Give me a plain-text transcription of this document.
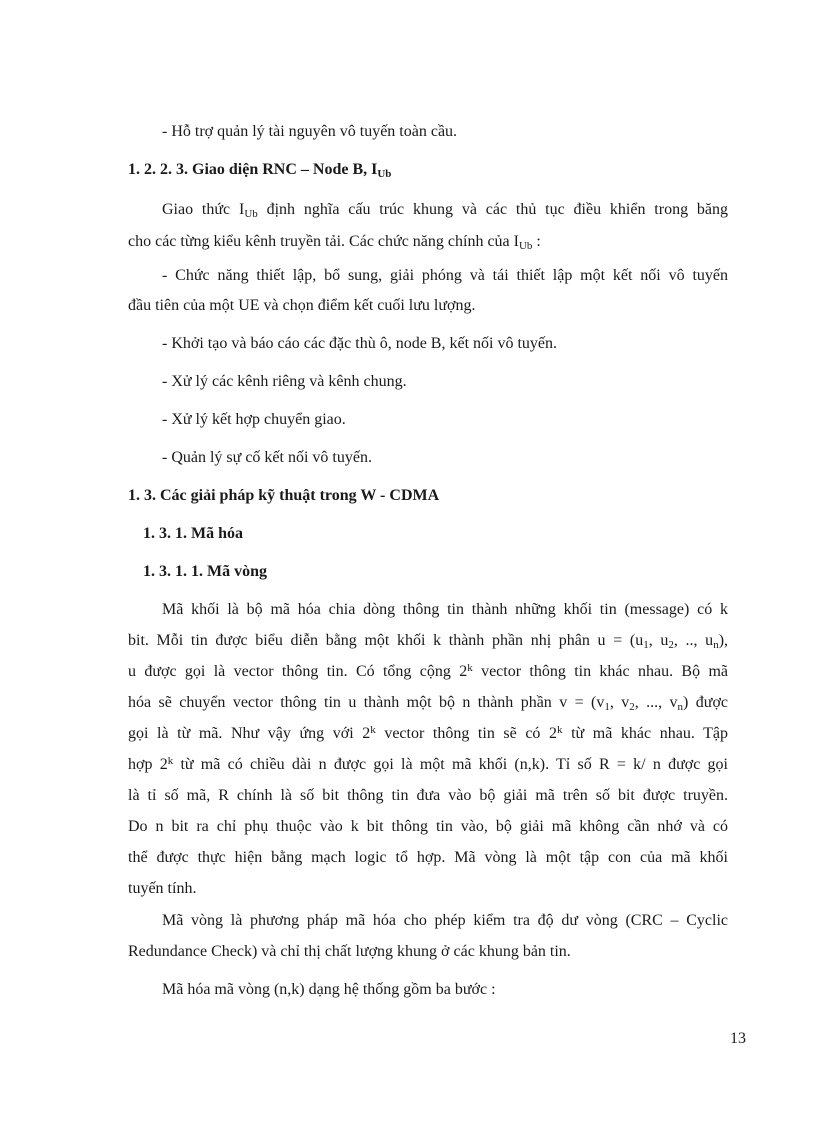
- Hỗ trợ quản lý tài nguyên vô tuyến toàn cầu.
1. 2. 2. 3. Giao diện RNC – Node B, $I_{Ub}$
Giao thức $I_{Ub}$ định nghĩa cấu trúc khung và các thủ tục điều khiển trong băng
cho các từng kiểu kênh truyền tải. Các chức năng chính của $I_{Ub}$ :
- Chức năng thiết lập, bổ sung, giải phóng và tái thiết lập một kết nối vô tuyến
đầu tiên của một UE và chọn điểm kết cuối lưu lượng.
- Khởi tạo và báo cáo các đặc thù ô, node B, kết nối vô tuyến.
- Xử lý các kênh riêng và kênh chung.
- Xử lý kết hợp chuyển giao.
- Quản lý sự cố kết nối vô tuyến.
1. 3. Các giải pháp kỹ thuật trong W - CDMA
1. 3. 1. Mã hóa
1. 3. 1. 1. Mã vòng
Mã khối là bộ mã hóa chia dòng thông tin thành những khối tin (message) có k
bit. Mỗi tin được biểu diễn bằng một khối k thành phần nhị phân $u = (u_1$, $u_2$, .., $u_n$),
u được gọi là vector thông tin. Có tổng cộng 2$^k$ vector thông tin khác nhau. Bộ mã
hóa sẽ chuyển vector thông tin u thành một bộ n thành phần $v = (v_1$, $v_2$, ..., $v_n$) được
gọi là từ mã. Như vậy ứng với 2$^k$ vector thông tin sẽ có 2$^k$ từ mã khác nhau. Tập
hợp 2$^k$ từ mã có chiều dài n được gọi là một mã khối (n,k). Tỉ số R = k/ n được gọi
là tỉ số mã, R chính là số bit thông tin đưa vào bộ giải mã trên số bit được truyền.
Do n bit ra chỉ phụ thuộc vào k bit thông tin vào, bộ giải mã không cần nhớ và có
thể được thực hiện bằng mạch logic tổ hợp. Mã vòng là một tập con của mã khối
tuyến tính.
Mã vòng là phương pháp mã hóa cho phép kiểm tra độ dư vòng (CRC – Cyclic
Redundance Check) và chỉ thị chất lượng khung ở các khung bản tin.
Mã hóa mã vòng (n,k) dạng hệ thống gồm ba bước :
13
